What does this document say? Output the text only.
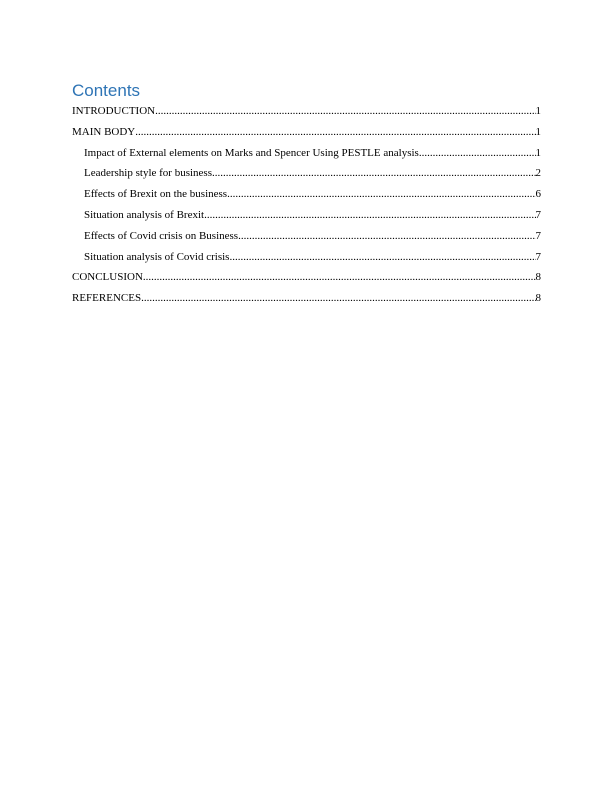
Contents
INTRODUCTION .....	1
MAIN BODY .....	1
Impact of External elements on Marks and Spencer Using PESTLE analysis .....	1
Leadership style for business .....	2
Effects of Brexit on the business .....	6
Situation analysis of Brexit .....	7
Effects of Covid crisis on Business .....	7
Situation analysis of Covid crisis .....	7
CONCLUSION .....	8
REFERENCES .....	8
